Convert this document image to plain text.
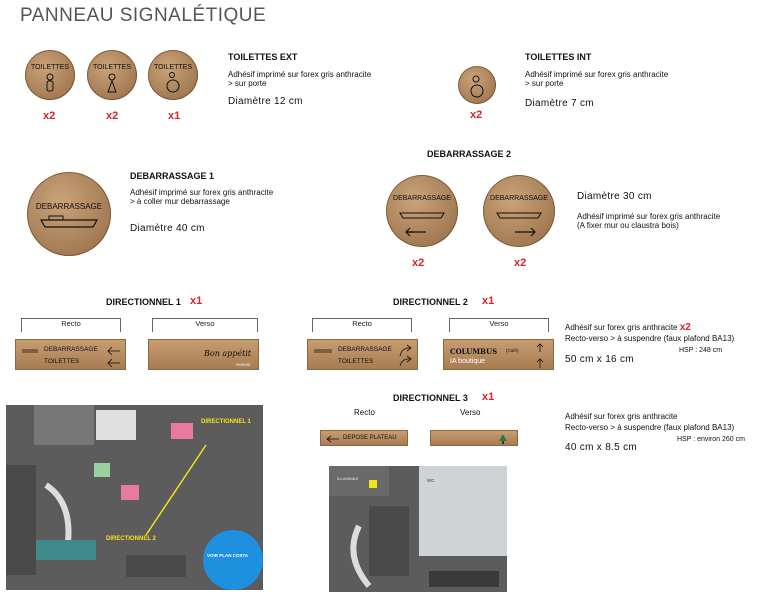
PANNEAU SIGNALÉTIQUE
TOILETTES
x2
TOILETTES
x2
TOILETTES
x1
TOILETTES EXT
Adhésif imprimé sur forex gris anthracite
> sur porte
Diamètre 12 cm
x2
TOILETTES INT
Adhésif imprimé sur forex gris anthracite
> sur porte
Diamètre 7 cm
DEBARRASSAGE
DEBARRASSAGE 1
Adhésif imprimé sur forex gris anthracite
> à coller mur debarrassage
Diamètre 40 cm
DEBARRASSAGE 2
DEBARRASSAGE
x2
DEBARRASSAGE
x2
Diamètre 30 cm
Adhésif imprimé sur forex gris anthracite
(A fixer mur ou claustra bois)
DIRECTIONNEL 1 x1
Recto
DEBARRASSAGE
TOILETTES
Verso
Bon appétit
newest
DIRECTIONNEL 2 x1
Recto
DEBARRASSAGE
TOILETTES
Verso
COLUMBUS (Café)
IA boutique
Adhésif sur forex gris anthracite x2
Recto-verso > à suspendre (faux plafond BA13)
HSP : 248 cm
50 cm x 16 cm
DIRECTIONNEL 3 x1
Recto	Verso
DEPOSE PLATEAU
Adhésif sur forex gris anthracite
Recto-verso > à suspendre (faux plafond BA13)
HSP : environ 260 cm
40 cm x 8.5 cm
DIRECTIONNEL 1
DIRECTIONNEL 2
VOIR PLAN COSTA
ILLUMINAS	WC
